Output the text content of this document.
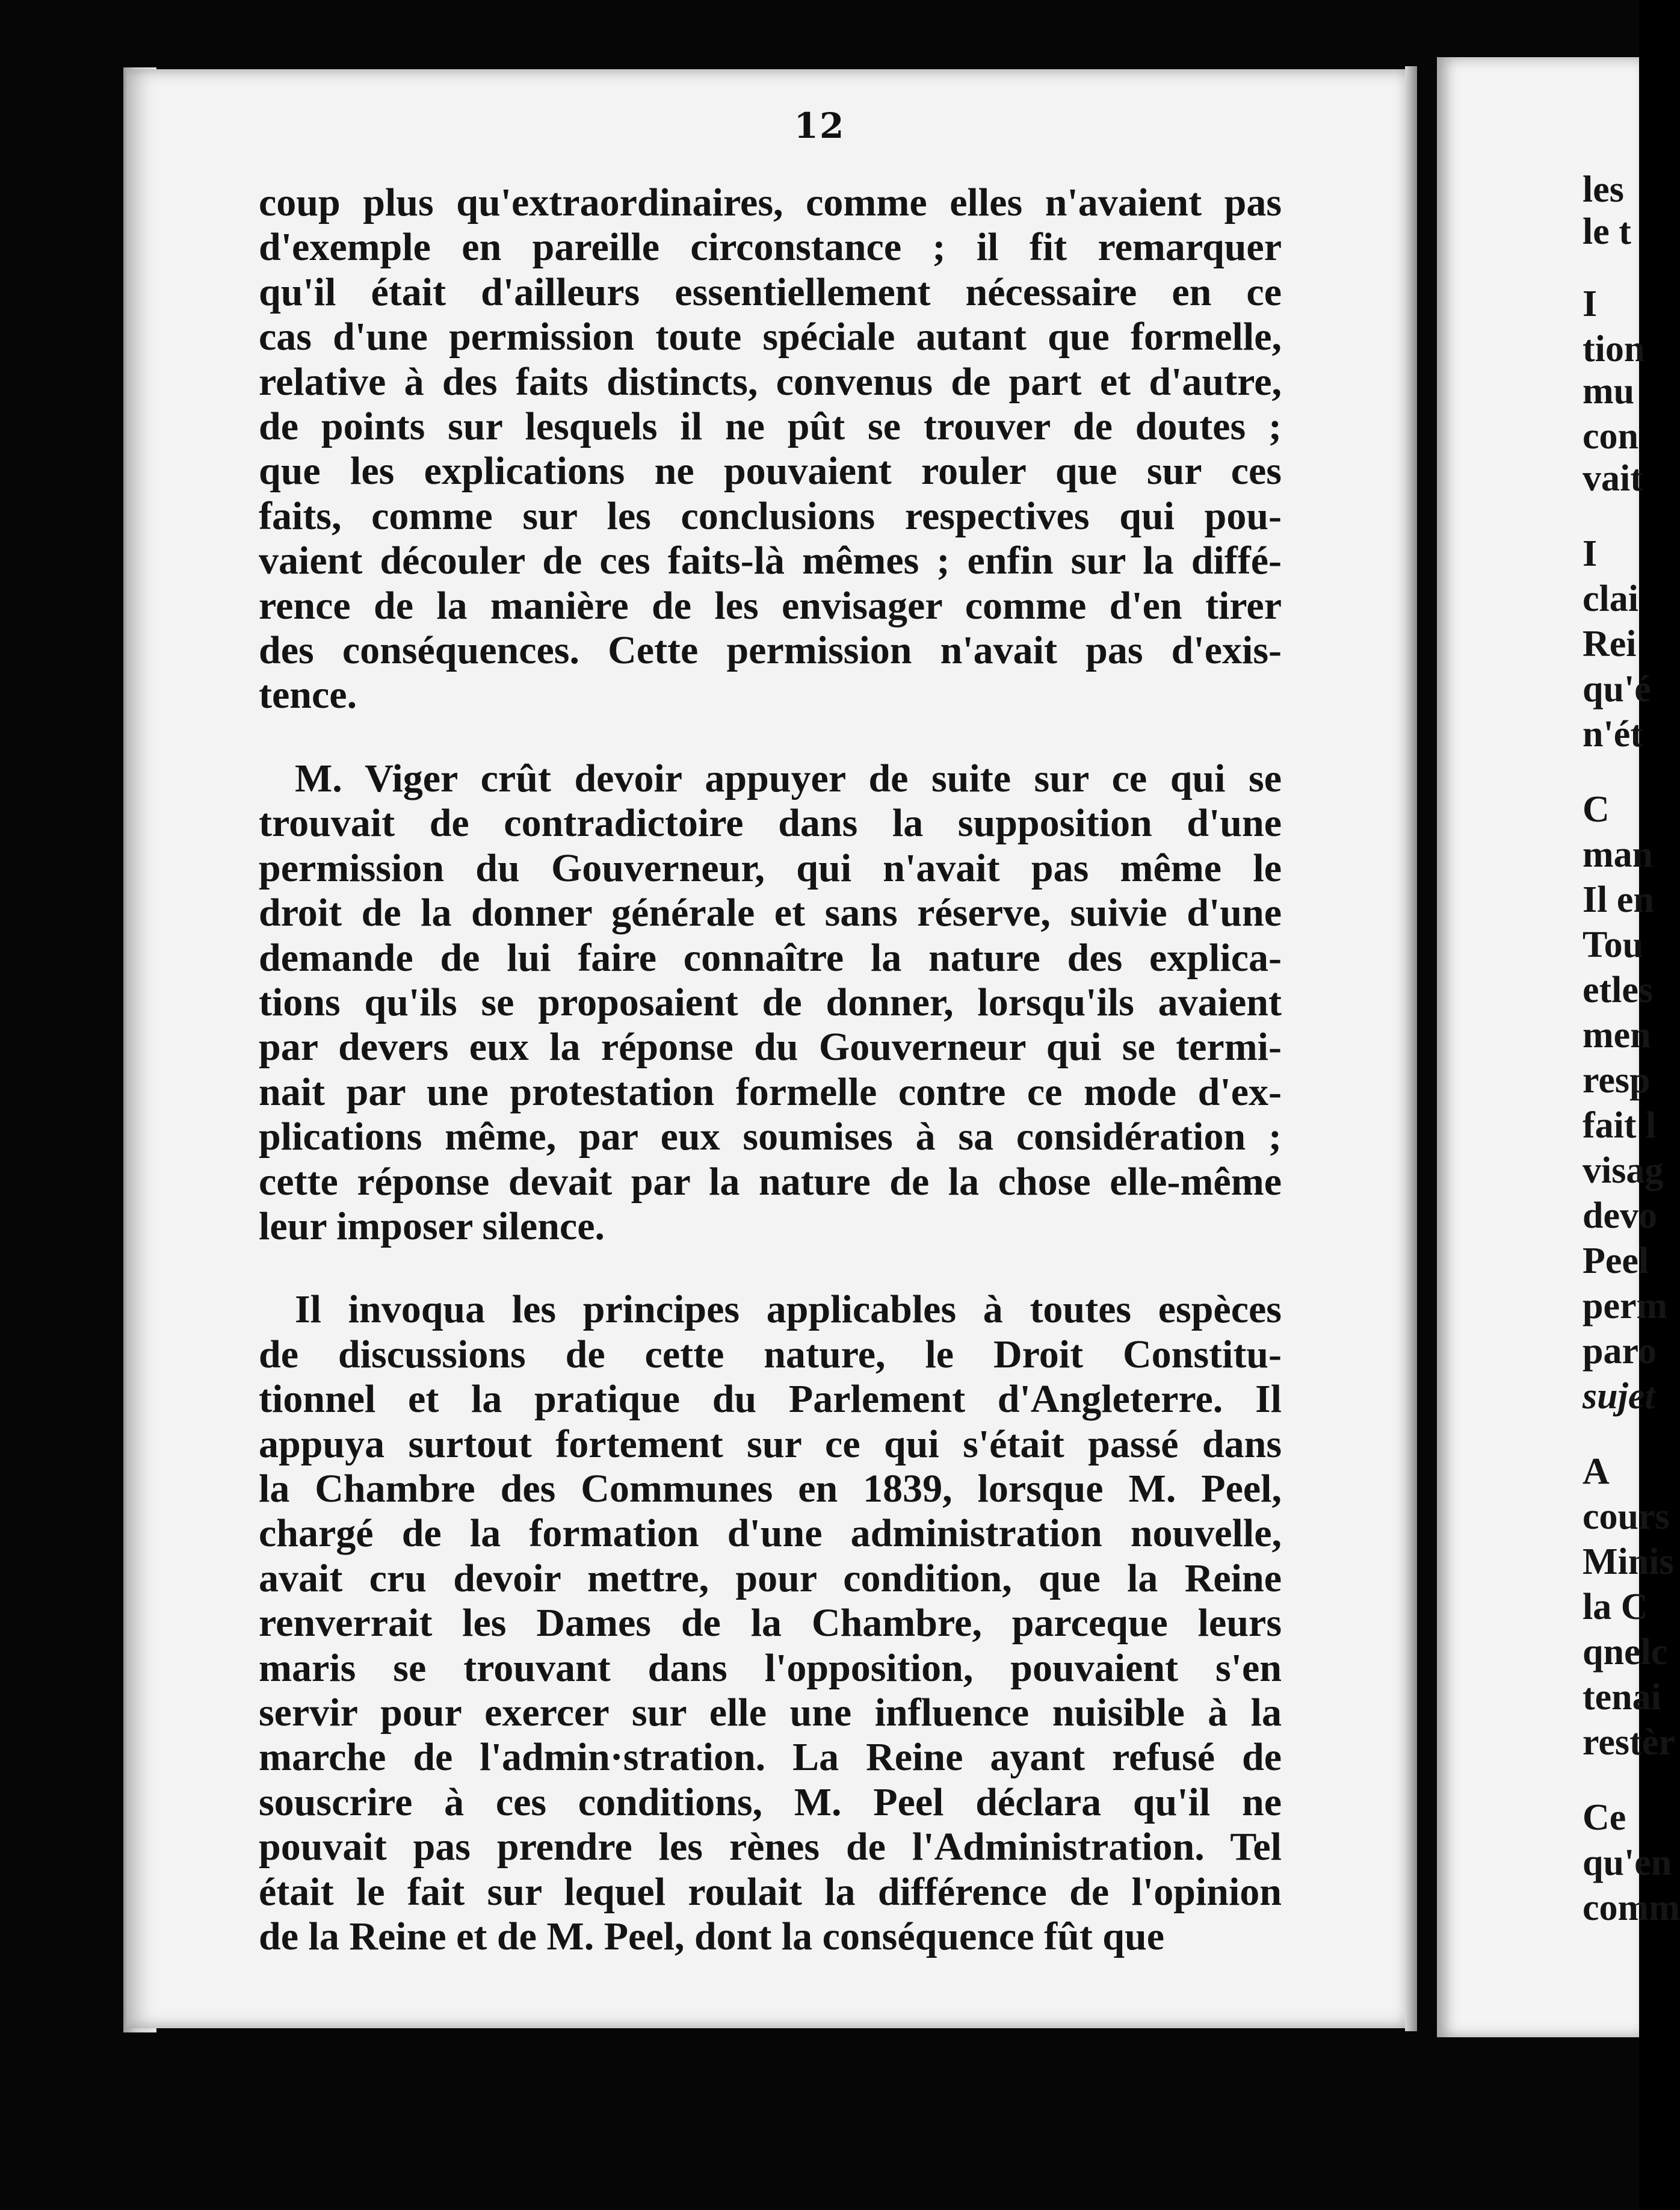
12

coup plus qu'extraordinaires, comme elles n'avaient pas
d'exemple en pareille circonstance ; il fit remarquer
qu'il était d'ailleurs essentiellement nécessaire en ce
cas d'une permission toute spéciale autant que formelle,
relative à des faits distincts, convenus de part et d'autre,
de points sur lesquels il ne pût se trouver de doutes ;
que les explications ne pouvaient rouler que sur ces
faits, comme sur les conclusions respectives qui pou-
vaient découler de ces faits-là mêmes ; enfin sur la diffé-
rence de la manière de les envisager comme d'en tirer
des conséquences. Cette permission n'avait pas d'exis-
tence.

M. Viger crût devoir appuyer de suite sur ce qui se
trouvait de contradictoire dans la supposition d'une
permission du Gouverneur, qui n'avait pas même le
droit de la donner générale et sans réserve, suivie d'une
demande de lui faire connaître la nature des explica-
tions qu'ils se proposaient de donner, lorsqu'ils avaient
par devers eux la réponse du Gouverneur qui se termi-
nait par une protestation formelle contre ce mode d'ex-
plications même, par eux soumises à sa considération ;
cette réponse devait par la nature de la chose elle-même
leur imposer silence.

Il invoqua les principes applicables à toutes espèces
de discussions de cette nature, le Droit Constitu-
tionnel et la pratique du Parlement d'Angleterre. Il
appuya surtout fortement sur ce qui s'était passé dans
la Chambre des Communes en 1839, lorsque M. Peel,
chargé de la formation d'une administration nouvelle,
avait cru devoir mettre, pour condition, que la Reine
renverrait les Dames de la Chambre, parceque leurs
maris se trouvant dans l'opposition, pouvaient s'en
servir pour exercer sur elle une influence nuisible à la
marche de l'admin·stration. La Reine ayant refusé de
souscrire à ces conditions, M. Peel déclara qu'il ne
pouvait pas prendre les rènes de l'Administration. Tel
était le fait sur lequel roulait la différence de l'opinion
de la Reine et de M. Peel, dont la conséquence fût que

les
le t
I
tion
mu
con
vait
I
clai
Rei
qu'é
n'ét
C
man
Il en
Tou
etles
men
resp
fait l
visag
devo
Peel
perm
paro
sujet
A
cours
Minis
la C
qnelc
tenai
restèr
Ce
qu'en
comm
